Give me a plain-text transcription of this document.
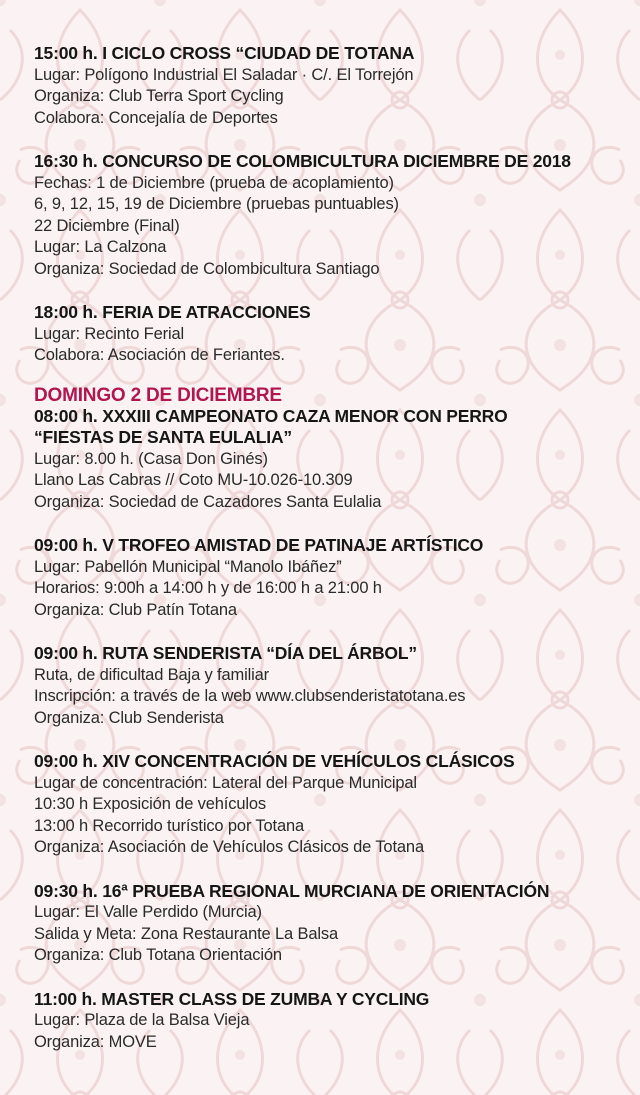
15:00 h. I CICLO CROSS “CIUDAD DE TOTANA
Lugar: Polígono Industrial El Saladar · C/. El Torrejón
Organiza: Club Terra Sport Cycling
Colabora: Concejalía de Deportes
16:30 h. CONCURSO DE COLOMBICULTURA DICIEMBRE DE 2018
Fechas: 1 de Diciembre (prueba de acoplamiento)
6, 9, 12, 15, 19 de Diciembre (pruebas puntuables)
22 Diciembre (Final)
Lugar: La Calzona
Organiza: Sociedad de Colombicultura Santiago
18:00 h. FERIA DE ATRACCIONES
Lugar: Recinto Ferial
Colabora: Asociación de Feriantes.
DOMINGO 2 DE DICIEMBRE
08:00 h. XXXIII CAMPEONATO CAZA MENOR CON PERRO
“FIESTAS DE SANTA EULALIA”
Lugar: 8.00 h. (Casa Don Ginés)
Llano Las Cabras // Coto MU-10.026-10.309
Organiza: Sociedad de Cazadores Santa Eulalia
09:00 h. V TROFEO AMISTAD DE PATINAJE ARTÍSTICO
Lugar: Pabellón Municipal “Manolo Ibáñez”
Horarios: 9:00h a 14:00 h y de 16:00 h a 21:00 h
Organiza: Club Patín Totana
09:00 h. RUTA SENDERISTA “DÍA DEL ÁRBOL”
Ruta, de dificultad Baja y familiar
Inscripción: a través de la web www.clubsenderistatotana.es
Organiza: Club Senderista
09:00 h. XIV CONCENTRACIÓN DE VEHÍCULOS CLÁSICOS
Lugar de concentración: Lateral del Parque Municipal
10:30 h Exposición de vehículos
13:00 h Recorrido turístico por Totana
Organiza: Asociación de Vehículos Clásicos de Totana
09:30 h. 16ª PRUEBA REGIONAL MURCIANA DE ORIENTACIÓN
Lugar: El Valle Perdido (Murcia)
Salida y Meta: Zona Restaurante La Balsa
Organiza: Club Totana Orientación
11:00 h. MASTER CLASS DE ZUMBA Y CYCLING
Lugar: Plaza de la Balsa Vieja
Organiza: MOVE
